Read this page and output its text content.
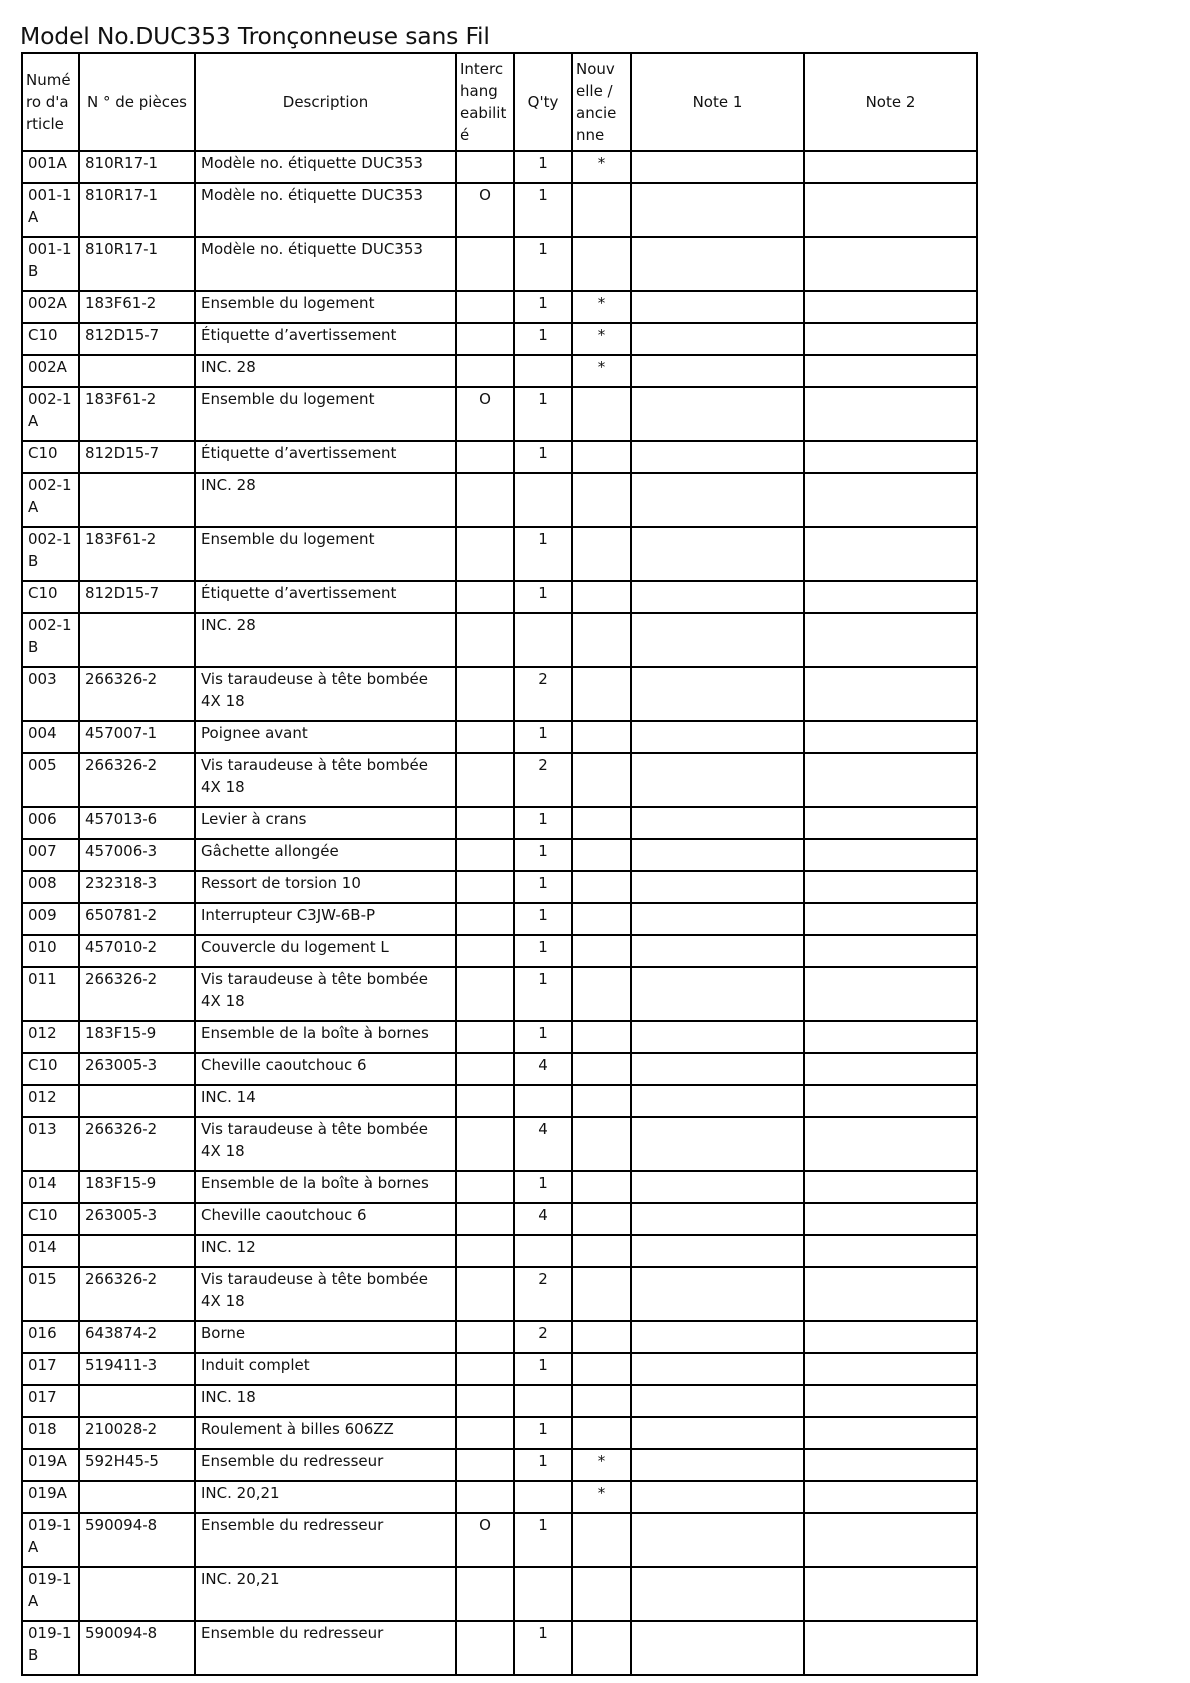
Model No.DUC353 Tronçonneuse sans Fil
Numé ro d'a rticle	N ° de pièces	Description	Interc hang eabilit é	Q'ty	Nouv elle / ancie nne	Note 1	Note 2
001A	810R17-1	Modèle no. étiquette DUC353		1	*		
001-1 A	810R17-1	Modèle no. étiquette DUC353	O	1			
001-1 B	810R17-1	Modèle no. étiquette DUC353		1			
002A	183F61-2	Ensemble du logement		1	*		
C10	812D15-7	Étiquette d’avertissement		1	*		
002A		INC. 28			*		
002-1 A	183F61-2	Ensemble du logement	O	1			
C10	812D15-7	Étiquette d’avertissement		1			
002-1 A		INC. 28					
002-1 B	183F61-2	Ensemble du logement		1			
C10	812D15-7	Étiquette d’avertissement		1			
002-1 B		INC. 28					
003	266326-2	Vis taraudeuse à tête bombée 4X 18		2			
004	457007-1	Poignee avant		1			
005	266326-2	Vis taraudeuse à tête bombée 4X 18		2			
006	457013-6	Levier à crans		1			
007	457006-3	Gâchette allongée		1			
008	232318-3	Ressort de torsion 10		1			
009	650781-2	Interrupteur C3JW-6B-P		1			
010	457010-2	Couvercle du logement L		1			
011	266326-2	Vis taraudeuse à tête bombée 4X 18		1			
012	183F15-9	Ensemble de la boîte à bornes		1			
C10	263005-3	Cheville caoutchouc 6		4			
012		INC. 14					
013	266326-2	Vis taraudeuse à tête bombée 4X 18		4			
014	183F15-9	Ensemble de la boîte à bornes		1			
C10	263005-3	Cheville caoutchouc 6		4			
014		INC. 12					
015	266326-2	Vis taraudeuse à tête bombée 4X 18		2			
016	643874-2	Borne		2			
017	519411-3	Induit complet		1			
017		INC. 18					
018	210028-2	Roulement à billes 606ZZ		1			
019A	592H45-5	Ensemble du redresseur		1	*		
019A		INC. 20,21			*		
019-1 A	590094-8	Ensemble du redresseur	O	1			
019-1 A		INC. 20,21					
019-1 B	590094-8	Ensemble du redresseur		1			
